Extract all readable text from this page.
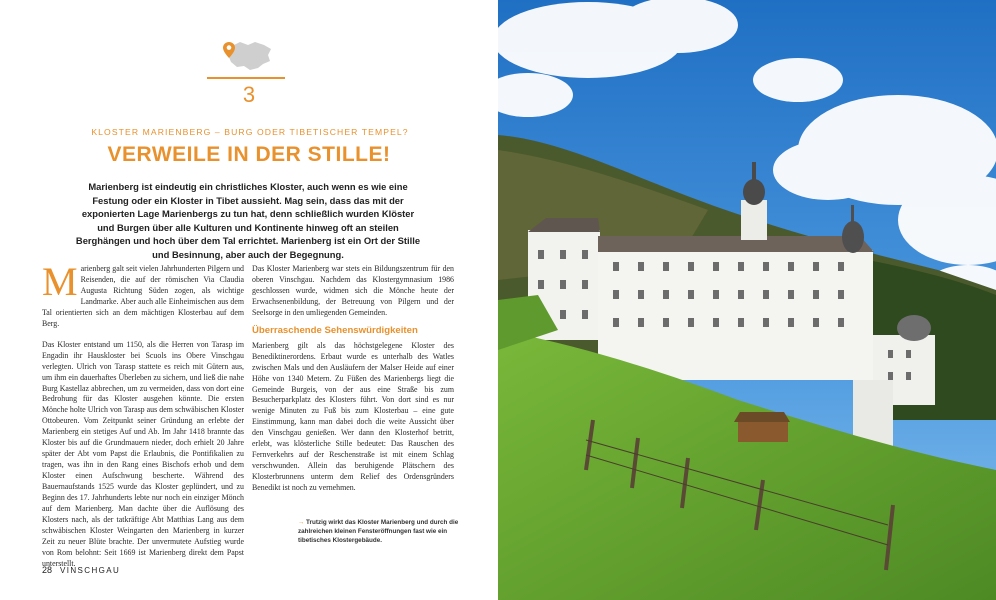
3
KLOSTER MARIENBERG – BURG ODER TIBETISCHER TEMPEL?
VERWEILE IN DER STILLE!
Marienberg ist eindeutig ein christliches Kloster, auch wenn es wie eine Festung oder ein Kloster in Tibet aussieht. Mag sein, dass das mit der exponierten Lage Marienbergs zu tun hat, denn schließlich wurden Klöster und Burgen über alle Kulturen und Kontinente hinweg oft an steilen Berghängen und hoch über dem Tal errichtet. Marienberg ist ein Ort der Stille und Besinnung, aber auch der Begegnung.

Marienberg galt seit vielen Jahrhunderten Pilgern und Reisenden, die auf der römischen Via Claudia Augusta Richtung Süden zogen, als wichtige Landmarke. Aber auch alle Einheimischen aus dem Tal orientierten sich an dem mächtigen Klosterbau auf dem Berg.

Das Kloster entstand um 1150, als die Herren von Tarasp im Engadin ihr Hauskloster bei Scuols ins Obere Vinschgau verlegten. Ulrich von Tarasp stattete es reich mit Gütern aus, um ihm ein dauerhaftes Überleben zu sichern, und ließ die nahe Burg Kastellaz abbrechen, um zu vermeiden, dass von dort eine Bedrohung für das Kloster ausgehen könnte. Die ersten Mönche holte Ulrich von Tarasp aus dem schwäbischen Kloster Ottobeuren. Vom Zeitpunkt seiner Gründung an erlebte der Marienberg ein stetiges Auf und Ab. Im Jahr 1418 brannte das Kloster bis auf die Grundmauern nieder, doch erhielt 20 Jahre später der Abt vom Papst die Erlaubnis, die Pontifikalien zu tragen, was ihn in den Rang eines Bischofs erhob und dem Kloster einen Aufschwung bescherte. Während des Bauernaufstands 1525 wurde das Kloster geplündert, und zu Beginn des 17. Jahrhunderts lebte nur noch ein einziger Mönch auf dem Marienberg. Man dachte über die Auflösung des Klosters nach, als der tatkräftige Abt Matthias Lang aus dem schwäbischen Kloster Weingarten den Marienberg in kurzer Zeit zu neuer Blüte brachte. Der unvermutete Aufstieg wurde von Rom belohnt: Seit 1669 ist Marienberg direkt dem Papst unterstellt.

Das Kloster Marienberg war stets ein Bildungszentrum für den oberen Vinschgau. Nachdem das Klostergymnasium 1986 geschlossen wurde, widmen sich die Mönche heute der Erwachsenenbildung, der Betreuung von Pilgern und der Seelsorge in den umliegenden Gemeinden.

Überraschende Sehenswürdigkeiten

Marienberg gilt als das höchstgelegene Kloster des Benediktinerordens. Erbaut wurde es unterhalb des Watles zwischen Mals und den Ausläufern der Malser Heide auf einer Höhe von 1340 Metern. Zu Füßen des Marienbergs liegt die Gemeinde Burgeis, von der aus eine Straße bis zum Besucherparkplatz des Klosters führt. Von dort sind es nur wenige Minuten zu Fuß bis zum Klosterbau – eine gute Einstimmung, kann man dabei doch die weite Aussicht über den Vinschgau genießen. Wer dann den Klosterhof betritt, erlebt, was klösterliche Stille bedeutet: Das Rauschen des Fernverkehrs auf der Reschenstraße ist mit einem Schlag verschwunden. Allein das beruhigende Plätschern des Klosterbrunnens unterm dem Relief des Ordensgründers Benedikt ist noch zu vernehmen.

→ Trutzig wirkt das Kloster Marienberg und durch die zahlreichen kleinen Fensteröffnungen fast wie ein tibetisches Klostergebäude.
28 VINSCHGAU
